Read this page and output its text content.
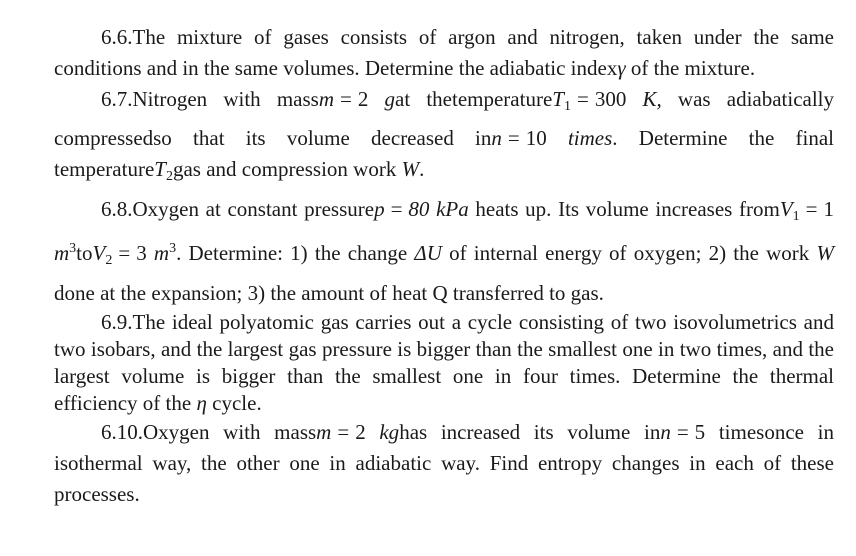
6.6.The mixture of gases consists of argon and nitrogen, taken under the same conditions and in the same volumes. Determine the adiabatic indexγ of the mixture.

6.7.Nitrogen with massm = 2 gat thetemperatureT$_1$ = 300 K, was adiabatically compressedso that its volume decreased inn = 10 times. Determine the final temperatureT$_2$gas and compression work W.

6.8.Oxygen at constant pressurep = 80 kPa heats up. Its volume increases fromV$_1$ = 1 $m^3toV_2 = 3$ $m^3$. Determine: 1) the change ΔU of internal energy of oxygen; 2) the work W done at the expansion; 3) the amount of heat Q transferred to gas.

6.9.The ideal polyatomic gas carries out a cycle consisting of two isovolumetrics and two isobars, and the largest gas pressure is bigger than the smallest one in two times, and the largest volume is bigger than the smallest one in four times. Determine the thermal efficiency of the η cycle.

6.10.Oxygen with massm = 2 kghas increased its volume inn = 5 timesonce in isothermal way, the other one in adiabatic way. Find entropy changes in each of these processes.
